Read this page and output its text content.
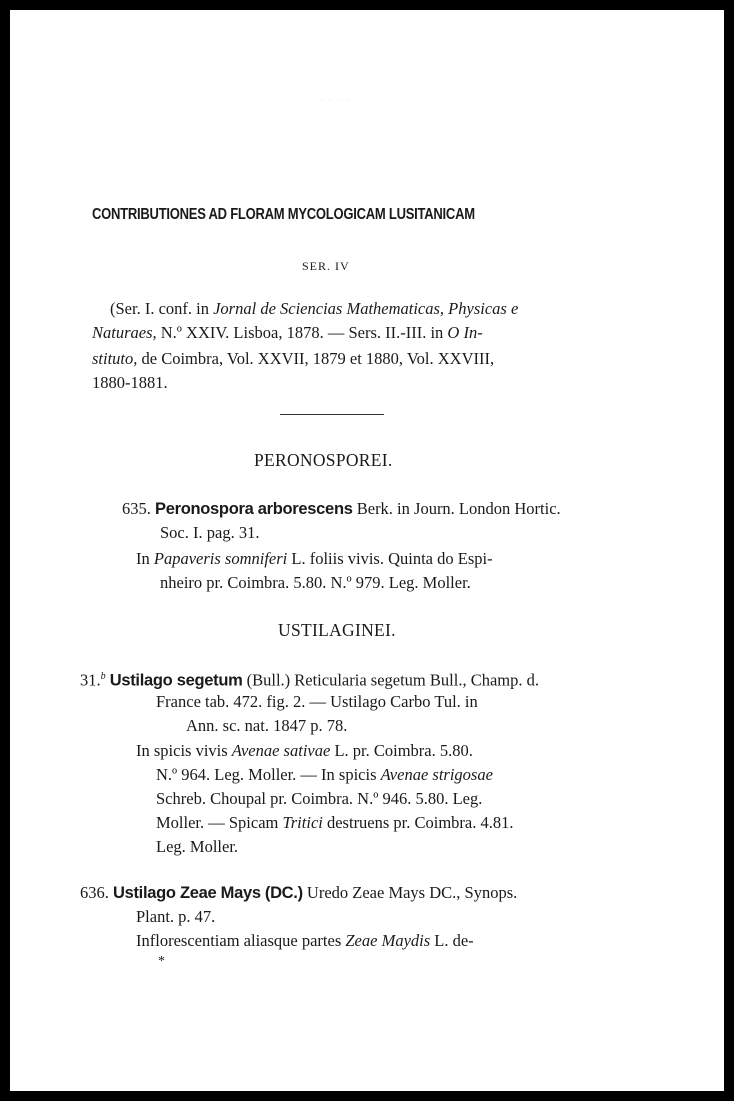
· · · ·
CONTRIBUTIONES AD FLORAM MYCOLOGICAM LUSITANICAM
SER. IV
(Ser. I. conf. in Jornal de Sciencias Mathematicas, Physicas e
Naturaes, N.º XXIV. Lisboa, 1878. — Sers. II.-III. in O In-
stituto, de Coimbra, Vol. XXVII, 1879 et 1880, Vol. XXVIII,
1880-1881.
PERONOSPOREI.
635. Peronospora arborescens Berk. in Journ. London Hortic.
Soc. I. pag. 31.
In Papaveris somniferi L. foliis vivis. Quinta do Espi-
nheiro pr. Coimbra. 5.80. N.º 979. Leg. Moller.
USTILAGINEI.
31.$^b$ Ustilago segetum (Bull.) Reticularia segetum Bull., Champ. d.
France tab. 472. fig. 2. — Ustilago Carbo Tul. in
Ann. sc. nat. 1847 p. 78.
In spicis vivis Avenae sativae L. pr. Coimbra. 5.80.
N.º 964. Leg. Moller. — In spicis Avenae strigosae
Schreb. Choupal pr. Coimbra. N.º 946. 5.80. Leg.
Moller. — Spicam Tritici destruens pr. Coimbra. 4.81.
Leg. Moller.
636. Ustilago Zeae Mays (DC.) Uredo Zeae Mays DC., Synops.
Plant. p. 47.
Inflorescentiam aliasque partes Zeae Maydis L. de-
*
